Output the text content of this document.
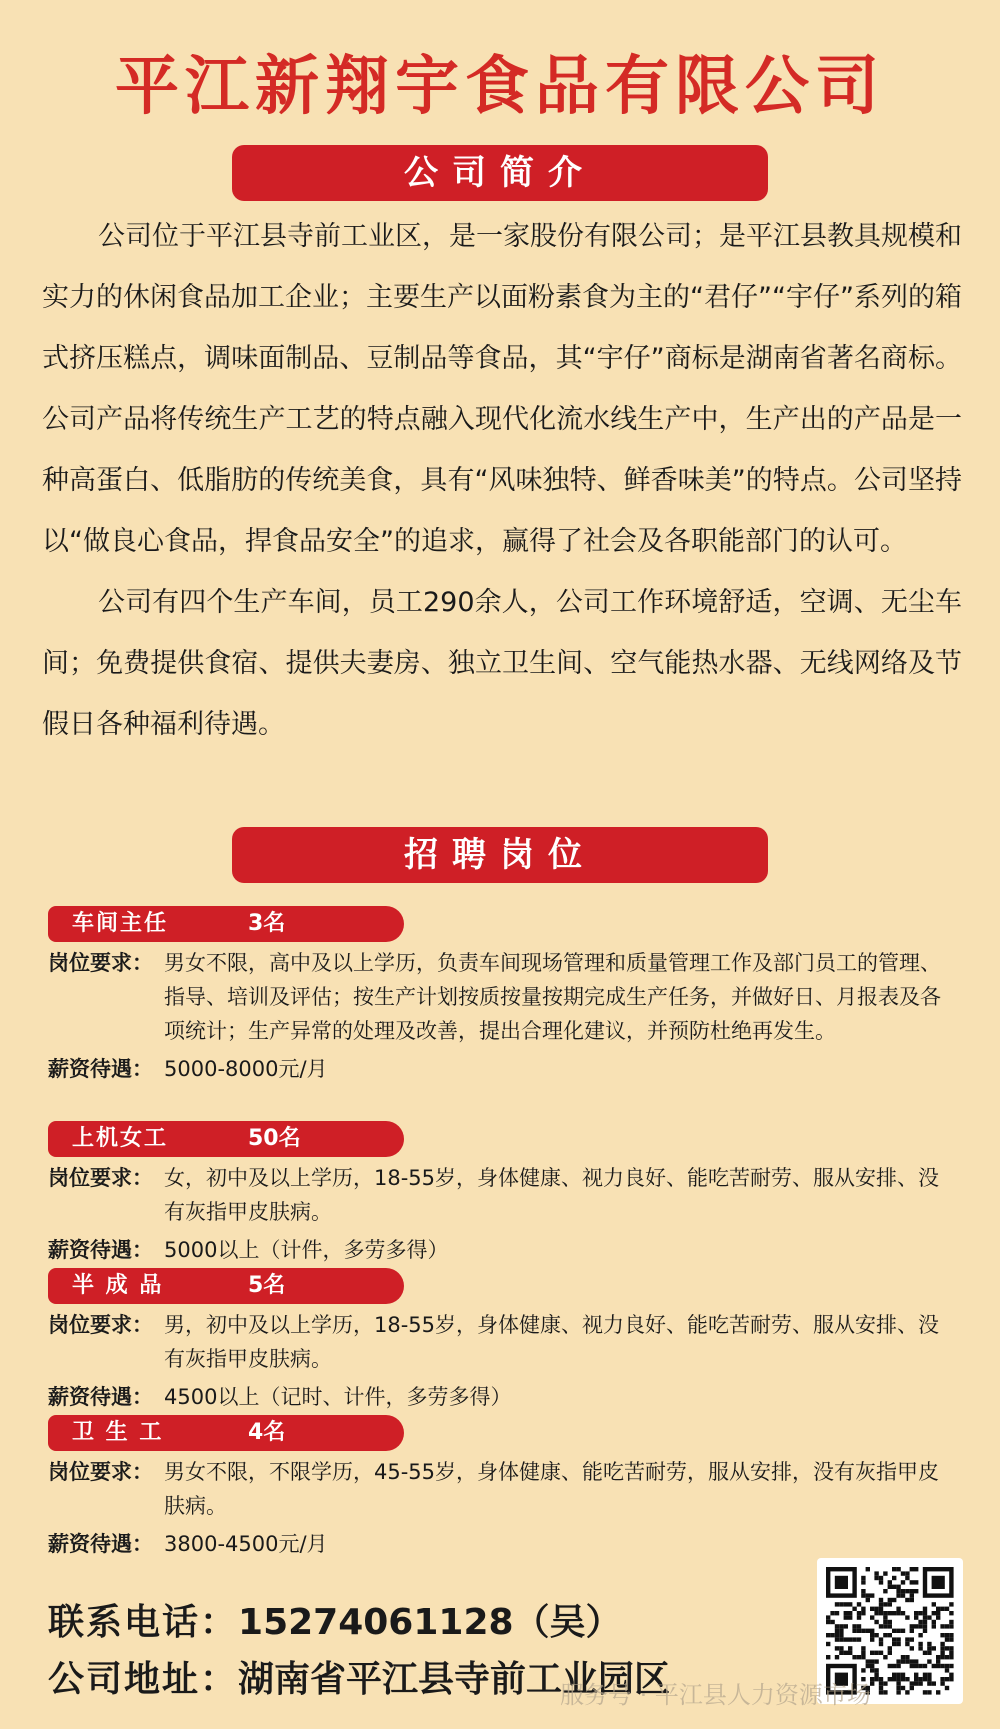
平江新翔宇食品有限公司
公司简介

公司位于平江县寺前工业区，是一家股份有限公司；是平江县教具规模和实力的休闲食品加工企业；主要生产以面粉素食为主的“君仔”“宇仔”系列的箱式挤压糕点，调味面制品、豆制品等食品，其“宇仔”商标是湖南省著名商标。公司产品将传统生产工艺的特点融入现代化流水线生产中，生产出的产品是一种高蛋白、低脂肪的传统美食，具有“风味独特、鲜香味美”的特点。公司坚持以“做良心食品，捍食品安全”的追求，赢得了社会及各职能部门的认可。

公司有四个生产车间，员工290余人，公司工作环境舒适，空调、无尘车间；免费提供食宿、提供夫妻房、独立卫生间、空气能热水器、无线网络及节假日各种福利待遇。

招聘岗位
车间主任	3名
岗位要求： 男女不限，高中及以上学历，负责车间现场管理和质量管理工作及部门员工的管理、指导、培训及评估；按生产计划按质按量按期完成生产任务，并做好日、月报表及各项统计；生产异常的处理及改善，提出合理化建议，并预防杜绝再发生。
薪资待遇： 5000-8000元/月
上机女工	50名
岗位要求： 女，初中及以上学历，18-55岁，身体健康、视力良好、能吃苦耐劳、服从安排、没有灰指甲皮肤病。
薪资待遇： 5000以上（计件，多劳多得）
半 成 品	5名
岗位要求： 男，初中及以上学历，18-55岁，身体健康、视力良好、能吃苦耐劳、服从安排、没有灰指甲皮肤病。
薪资待遇： 4500以上（记时、计件，多劳多得）
卫 生 工	4名
岗位要求： 男女不限，不限学历，45-55岁，身体健康、能吃苦耐劳，服从安排，没有灰指甲皮肤病。
薪资待遇： 3800-4500元/月
联系电话：15274061128（吴）
公司地址：湖南省平江县寺前工业园区
服务号 · 平江县人力资源市场
